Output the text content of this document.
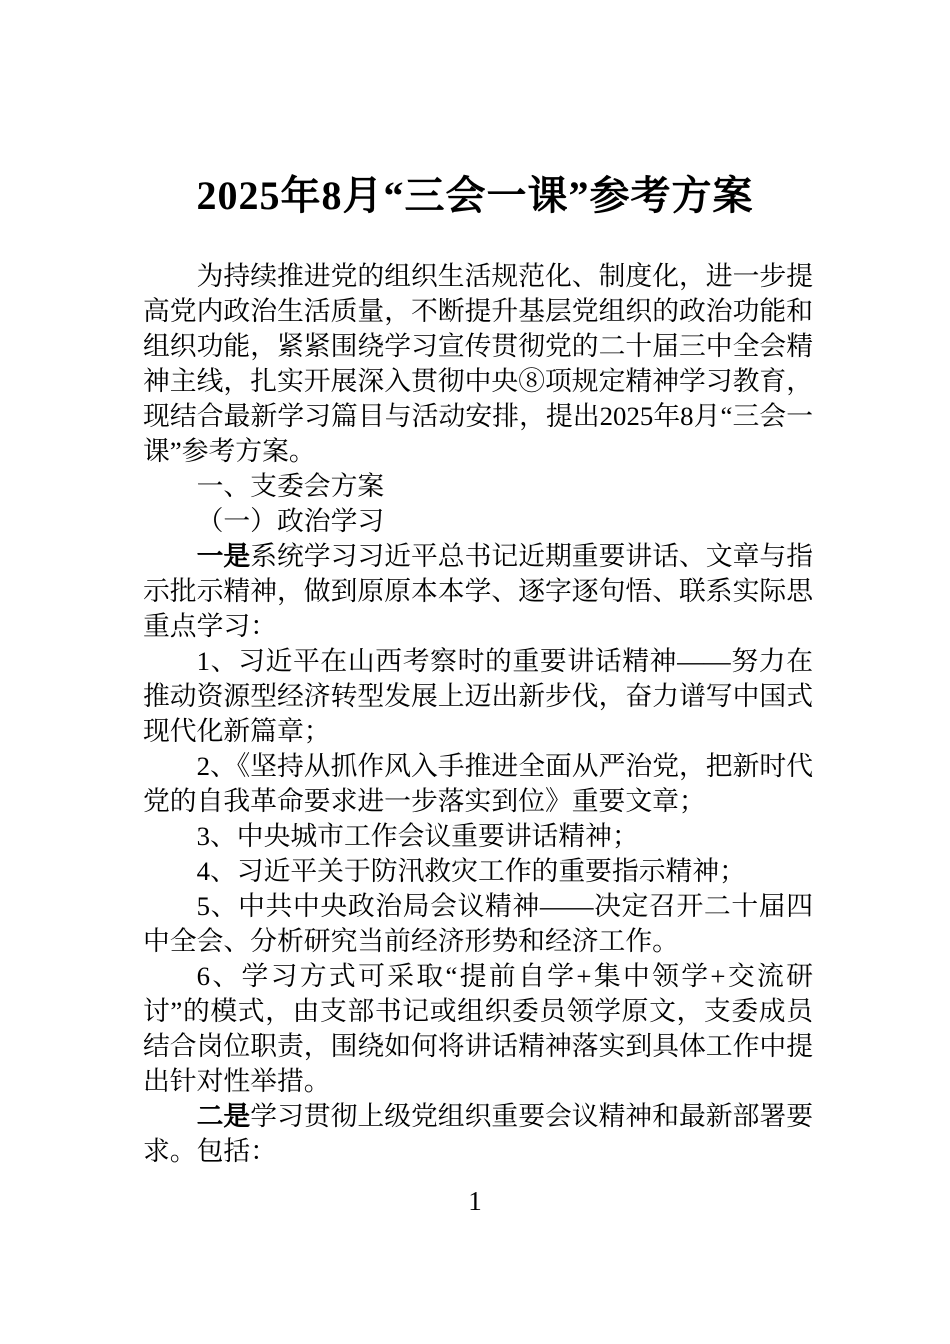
2025年8月“三会一课”参考方案

为持续推进党的组织生活规范化、制度化，进一步提高党内政治生活质量，不断提升基层党组织的政治功能和组织功能，紧紧围绕学习宣传贯彻党的二十届三中全会精神主线，扎实开展深入贯彻中央⑧项规定精神学习教育，现结合最新学习篇目与活动安排，提出2025年8月“三会一课”参考方案。

一、支委会方案

（一）政治学习

一是系统学习习近平总书记近期重要讲话、文章与指示批示精神，做到原原本本学、逐字逐句悟、联系实际思重点学习：

1、习近平在山西考察时的重要讲话精神——努力在推动资源型经济转型发展上迈出新步伐，奋力谱写中国式现代化新篇章；

2、《坚持从抓作风入手推进全面从严治党，把新时代党的自我革命要求进一步落实到位》重要文章；

3、中央城市工作会议重要讲话精神；

4、习近平关于防汛救灾工作的重要指示精神；

5、中共中央政治局会议精神——决定召开二十届四中全会、分析研究当前经济形势和经济工作。

6、学习方式可采取“提前自学+集中领学+交流研讨”的模式，由支部书记或组织委员领学原文，支委成员结合岗位职责，围绕如何将讲话精神落实到具体工作中提出针对性举措。

二是学习贯彻上级党组织重要会议精神和最新部署要求。包括：

1
